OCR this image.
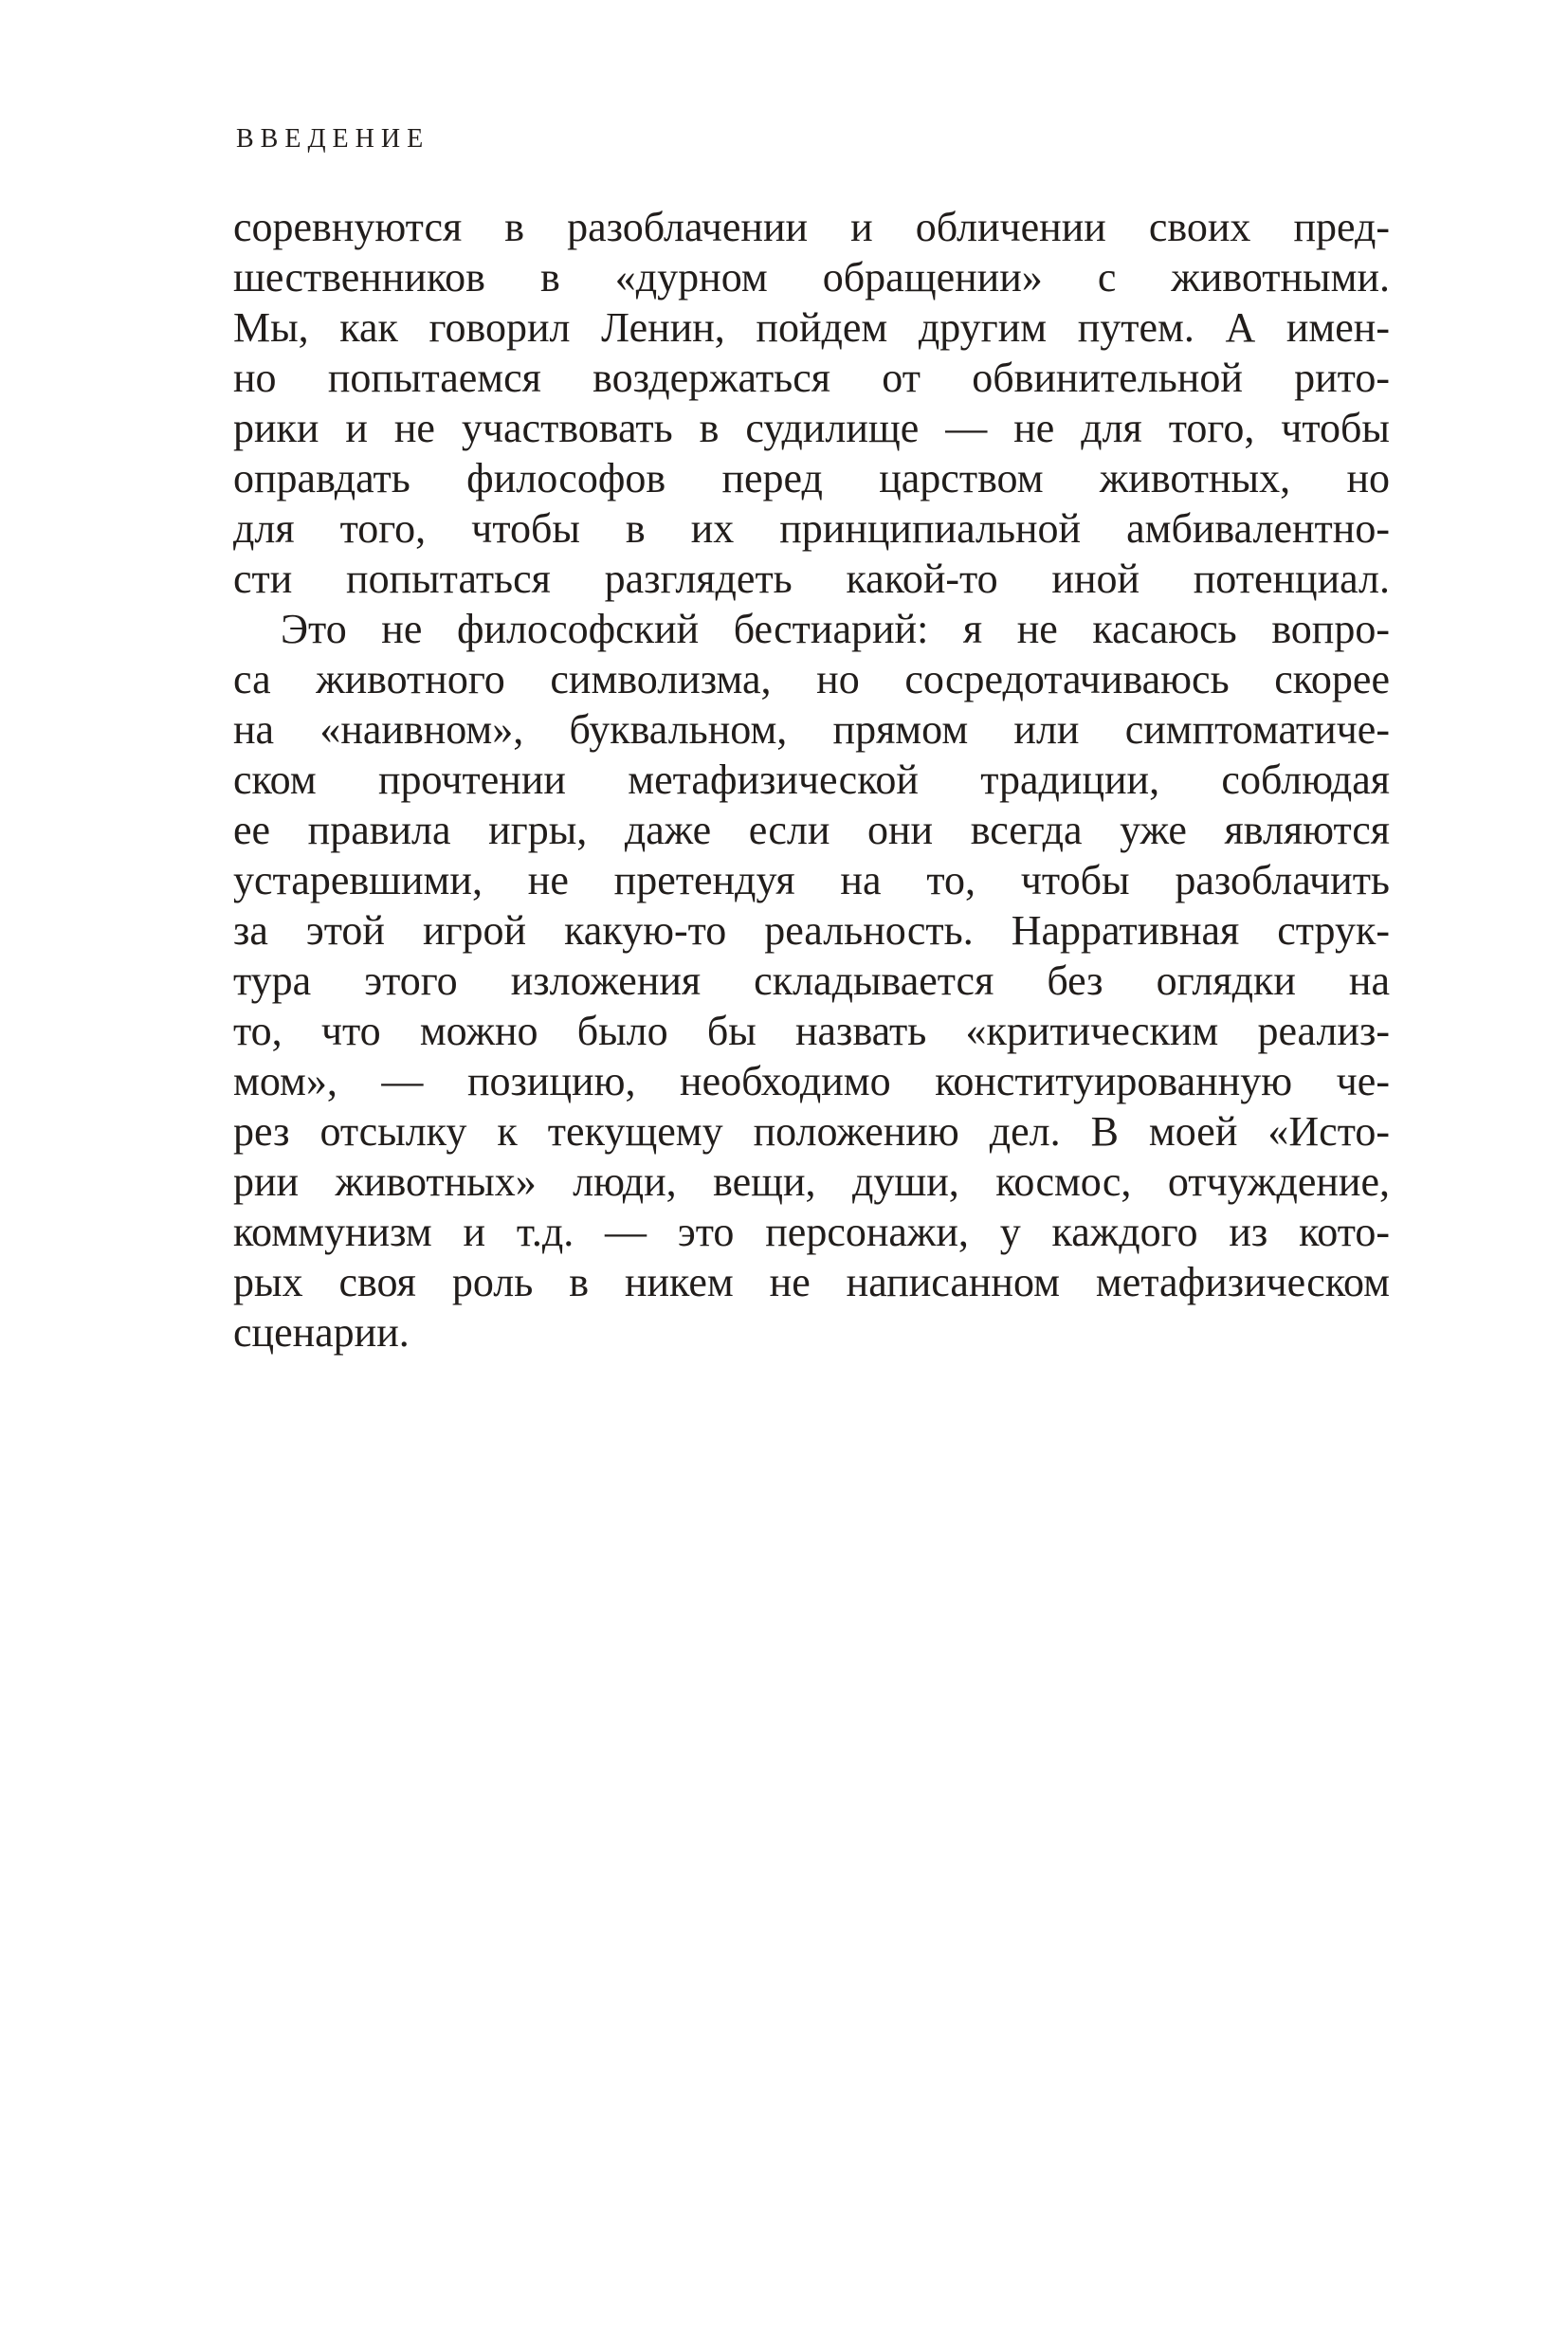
ВВЕДЕНИЕ
соревнуются в разоблачении и обличении своих пред-
шественников в «дурном обращении» с животными.
Мы, как говорил Ленин, пойдем другим путем. А имен-
но попытаемся воздержаться от обвинительной рито-
рики и не участвовать в судилище — не для того, чтобы
оправдать философов перед царством животных, но
для того, чтобы в их принципиальной амбивалентно-
сти попытаться разглядеть какой-то иной потенциал.
Это не философский бестиарий: я не касаюсь вопро-
са животного символизма, но сосредотачиваюсь скорее
на «наивном», буквальном, прямом или симптоматиче-
ском прочтении метафизической традиции, соблюдая
ее правила игры, даже если они всегда уже являются
устаревшими, не претендуя на то, чтобы разоблачить
за этой игрой какую-то реальность. Нарративная струк-
тура этого изложения складывается без оглядки на
то, что можно было бы назвать «критическим реализ-
мом», — позицию, необходимо конституированную че-
рез отсылку к текущему положению дел. В моей «Исто-
рии животных» люди, вещи, души, космос, отчуждение,
коммунизм и т.д. — это персонажи, у каждого из кото-
рых своя роль в никем не написанном метафизическом
сценарии.
